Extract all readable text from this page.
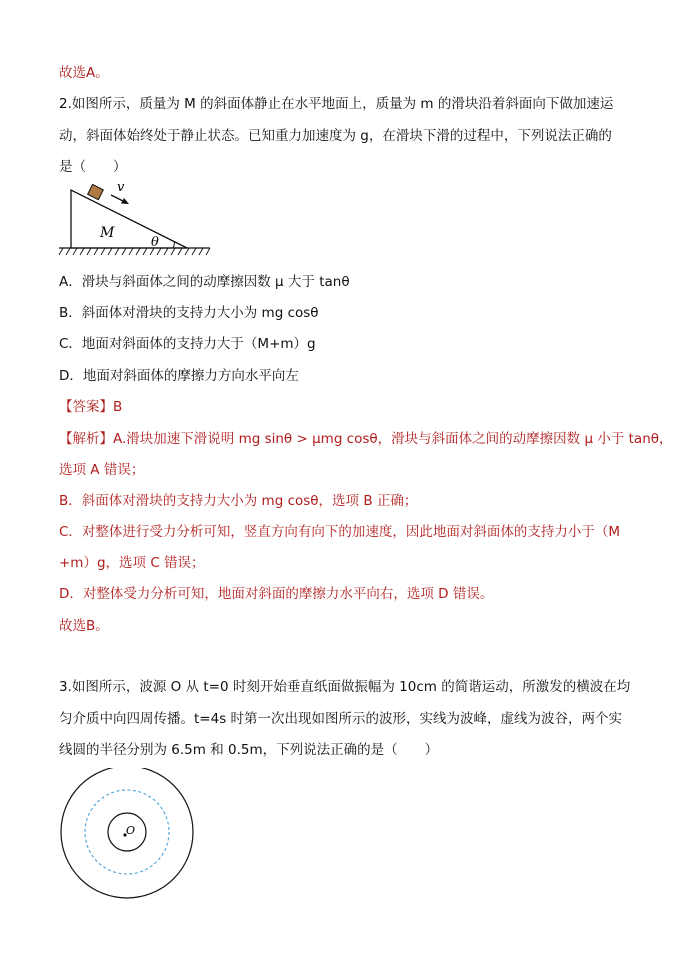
故选A。
2.如图所示，质量为 M 的斜面体静止在水平地面上，质量为 m 的滑块沿着斜面向下做加速运
动，斜面体始终处于静止状态。已知重力加速度为 g，在滑块下滑的过程中，下列说法正确的
是（　　）
v
M
θ
A．滑块与斜面体之间的动摩擦因数 μ 大于 tanθ
B．斜面体对滑块的支持力大小为 mg cosθ
C．地面对斜面体的支持力大于（M+m）g
D．地面对斜面体的摩擦力方向水平向左
【答案】B
【解析】A.滑块加速下滑说明 mg sinθ > μmg cosθ，滑块与斜面体之间的动摩擦因数 μ 小于 tanθ，
选项 A 错误；
B．斜面体对滑块的支持力大小为 mg cosθ，选项 B 正确；
C．对整体进行受力分析可知，竖直方向有向下的加速度，因此地面对斜面体的支持力小于（M
+m）g，选项 C 错误；
D．对整体受力分析可知，地面对斜面的摩擦力水平向右，选项 D 错误。
故选B。
3.如图所示，波源 O 从 t=0 时刻开始垂直纸面做振幅为 10cm 的简谐运动，所激发的横波在均
匀介质中向四周传播。t=4s 时第一次出现如图所示的波形，实线为波峰，虚线为波谷，两个实
线圆的半径分别为 6.5m 和 0.5m，下列说法正确的是（　　）
O
